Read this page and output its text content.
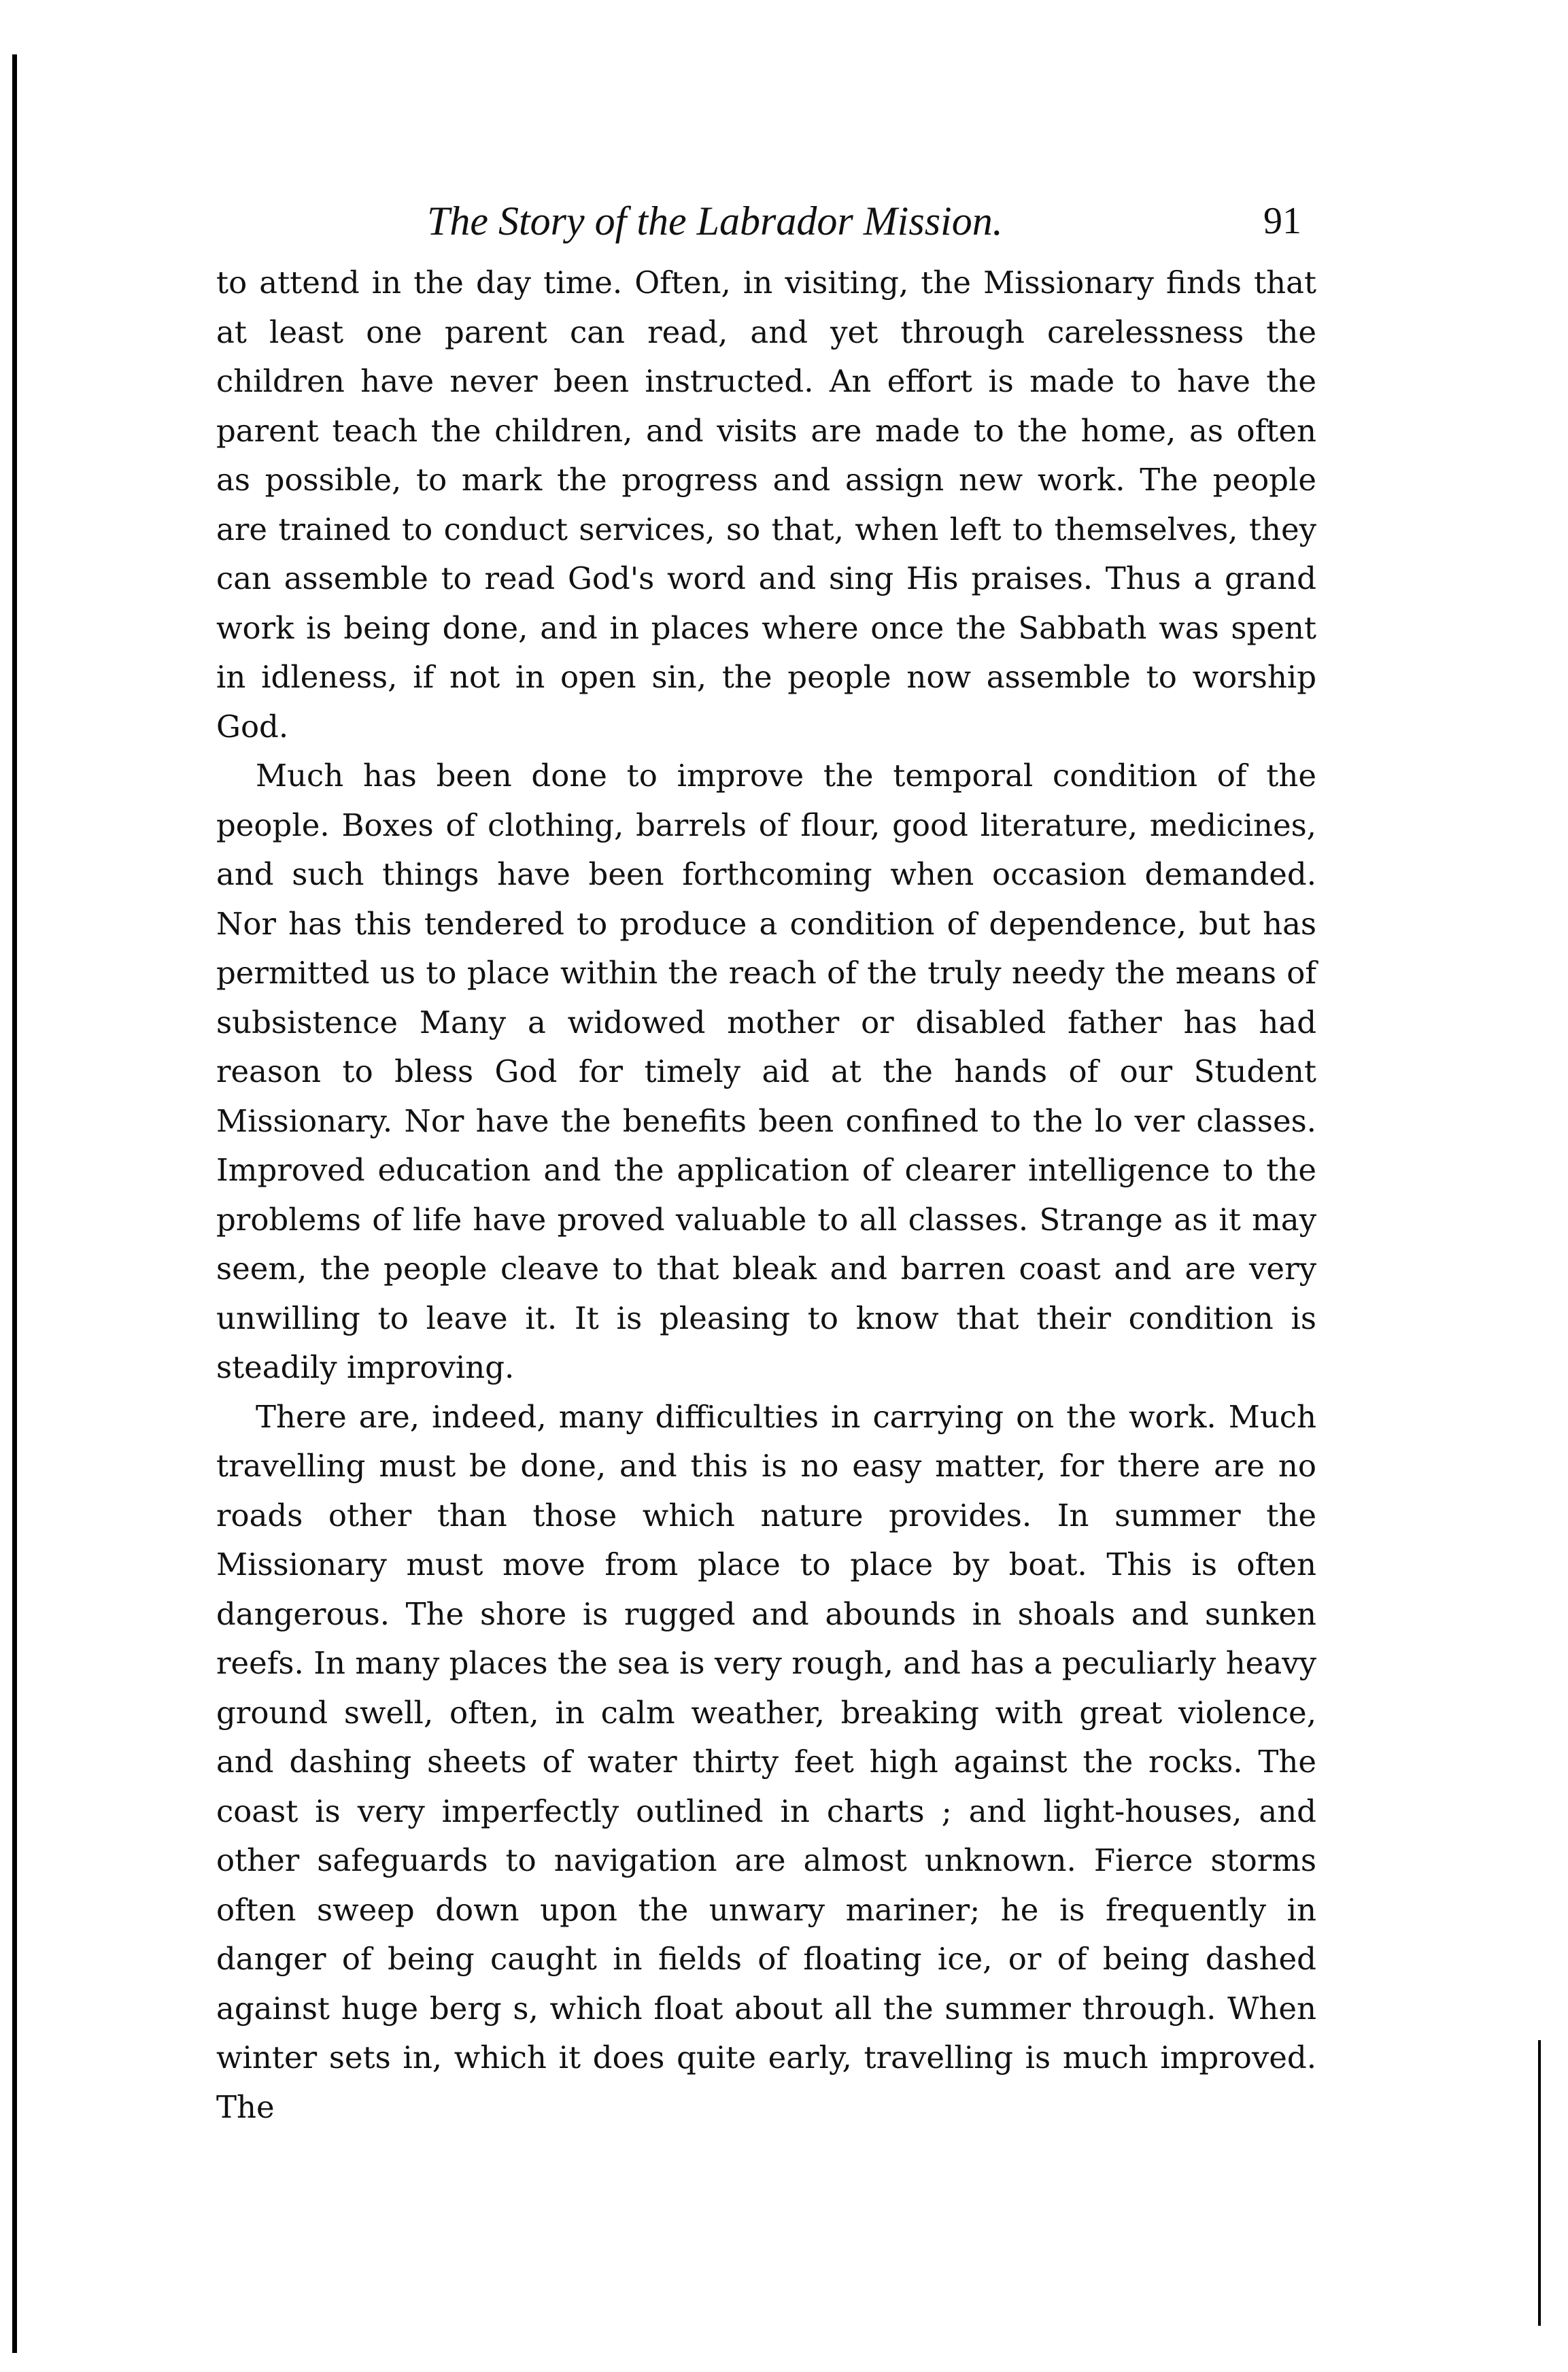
The Story of the Labrador Mission.	91

to attend in the day time. Often, in visiting, the Missionary finds that at least one parent can read, and yet through carelessness the children have never been instructed. An effort is made to have the parent teach the children, and visits are made to the home, as often as possible, to mark the progress and assign new work. The people are trained to conduct services, so that, when left to themselves, they can assemble to read God's word and sing His praises. Thus a grand work is being done, and in places where once the Sabbath was spent in idleness, if not in open sin, the people now assemble to worship God.

Much has been done to improve the temporal condition of the people. Boxes of clothing, barrels of flour, good literature, medicines, and such things have been forthcoming when occasion demanded. Nor has this tendered to produce a condition of dependence, but has permitted us to place within the reach of the truly needy the means of subsistence Many a widowed mother or disabled father has had reason to bless God for timely aid at the hands of our Student Missionary. Nor have the benefits been confined to the lo ver classes. Improved education and the application of clearer intelligence to the problems of life have proved valuable to all classes. Strange as it may seem, the people cleave to that bleak and barren coast and are very unwilling to leave it. It is pleasing to know that their condition is steadily improving.

There are, indeed, many difficulties in carrying on the work. Much travelling must be done, and this is no easy matter, for there are no roads other than those which nature provides. In summer the Missionary must move from place to place by boat. This is often dangerous. The shore is rugged and abounds in shoals and sunken reefs. In many places the sea is very rough, and has a peculiarly heavy ground swell, often, in calm weather, breaking with great violence, and dashing sheets of water thirty feet high against the rocks. The coast is very imperfectly outlined in charts ; and light-houses, and other safeguards to navigation are almost unknown. Fierce storms often sweep down upon the unwary mariner; he is frequently in danger of being caught in fields of floating ice, or of being dashed against huge berg s, which float about all the summer through. When winter sets in, which it does quite early, travelling is much improved. The
